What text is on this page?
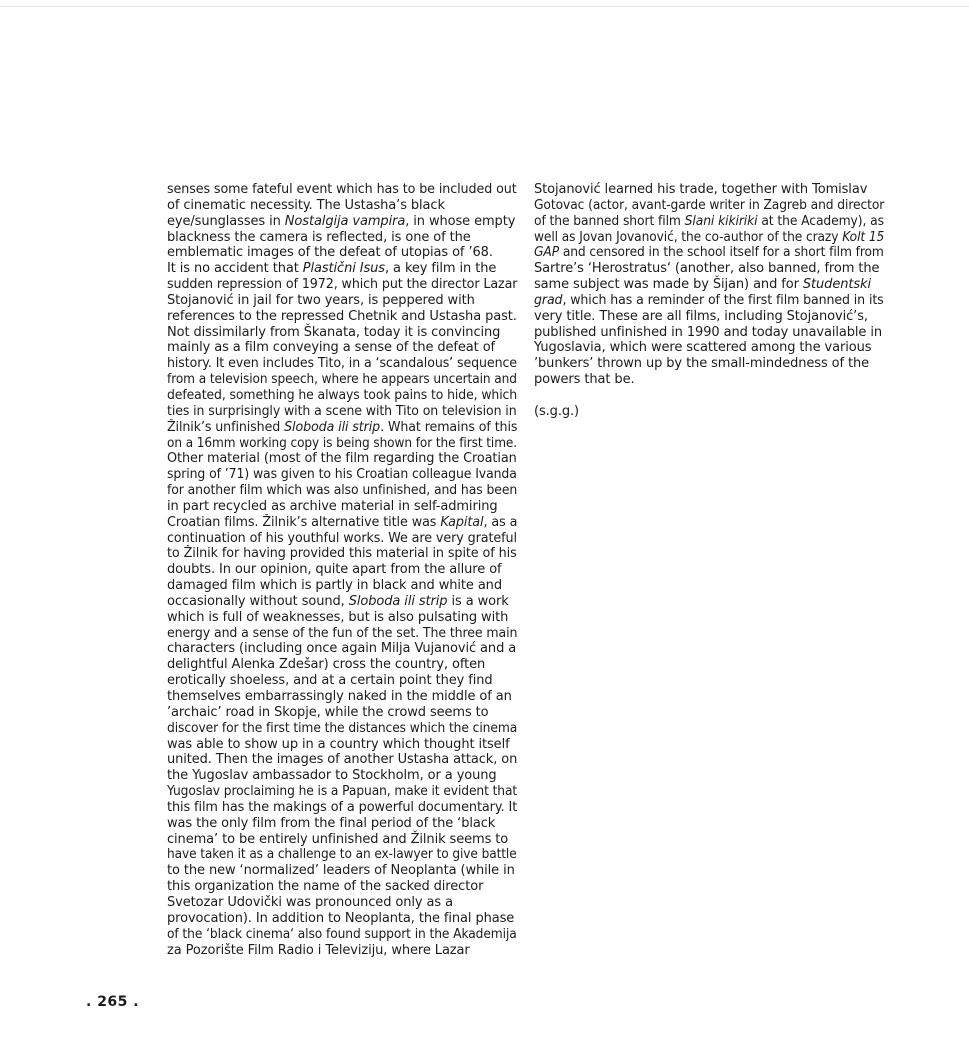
senses some fateful event which has to be included out
of cinematic necessity. The Ustasha’s black
eye/sunglasses in Nostalgija vampira, in whose empty
blackness the camera is reflected, is one of the
emblematic images of the defeat of utopias of ’68.
It is no accident that Plastični Isus, a key film in the
sudden repression of 1972, which put the director Lazar
Stojanović in jail for two years, is peppered with
references to the repressed Chetnik and Ustasha past.
Not dissimilarly from Škanata, today it is convincing
mainly as a film conveying a sense of the defeat of
history. It even includes Tito, in a ‘scandalous’ sequence
from a television speech, where he appears uncertain and
defeated, something he always took pains to hide, which
ties in surprisingly with a scene with Tito on television in
Žilnik’s unfinished Sloboda ili strip. What remains of this
on a 16mm working copy is being shown for the first time.
Other material (most of the film regarding the Croatian
spring of ’71) was given to his Croatian colleague Ivanda
for another film which was also unfinished, and has been
in part recycled as archive material in self-admiring
Croatian films. Žilnik’s alternative title was Kapital, as a
continuation of his youthful works. We are very grateful
to Žilnik for having provided this material in spite of his
doubts. In our opinion, quite apart from the allure of
damaged film which is partly in black and white and
occasionally without sound, Sloboda ili strip is a work
which is full of weaknesses, but is also pulsating with
energy and a sense of the fun of the set. The three main
characters (including once again Milja Vujanović and a
delightful Alenka Zdešar) cross the country, often
erotically shoeless, and at a certain point they find
themselves embarrassingly naked in the middle of an
’archaic’ road in Skopje, while the crowd seems to
discover for the first time the distances which the cinema
was able to show up in a country which thought itself
united. Then the images of another Ustasha attack, on
the Yugoslav ambassador to Stockholm, or a young
Yugoslav proclaiming he is a Papuan, make it evident that
this film has the makings of a powerful documentary. It
was the only film from the final period of the ‘black
cinema’ to be entirely unfinished and Žilnik seems to
have taken it as a challenge to an ex-lawyer to give battle
to the new ‘normalized’ leaders of Neoplanta (while in
this organization the name of the sacked director
Svetozar Udovički was pronounced only as a
provocation). In addition to Neoplanta, the final phase
of the ‘black cinema‘ also found support in the Akademija
za Pozorište Film Radio i Televiziju, where Lazar
Stojanović learned his trade, together with Tomislav
Gotovac (actor, avant-garde writer in Zagreb and director
of the banned short film Slani kikiriki at the Academy), as
well as Jovan Jovanović, the co-author of the crazy Kolt 15
GAP and censored in the school itself for a short film from
Sartre’s ‘Herostratus‘ (another, also banned, from the
same subject was made by Šijan) and for Studentski
grad, which has a reminder of the first film banned in its
very title. These are all films, including Stojanović’s,
published unfinished in 1990 and today unavailable in
Yugoslavia, which were scattered among the various
’bunkers’ thrown up by the small-mindedness of the
powers that be.
(s.g.g.)
. 265 .
